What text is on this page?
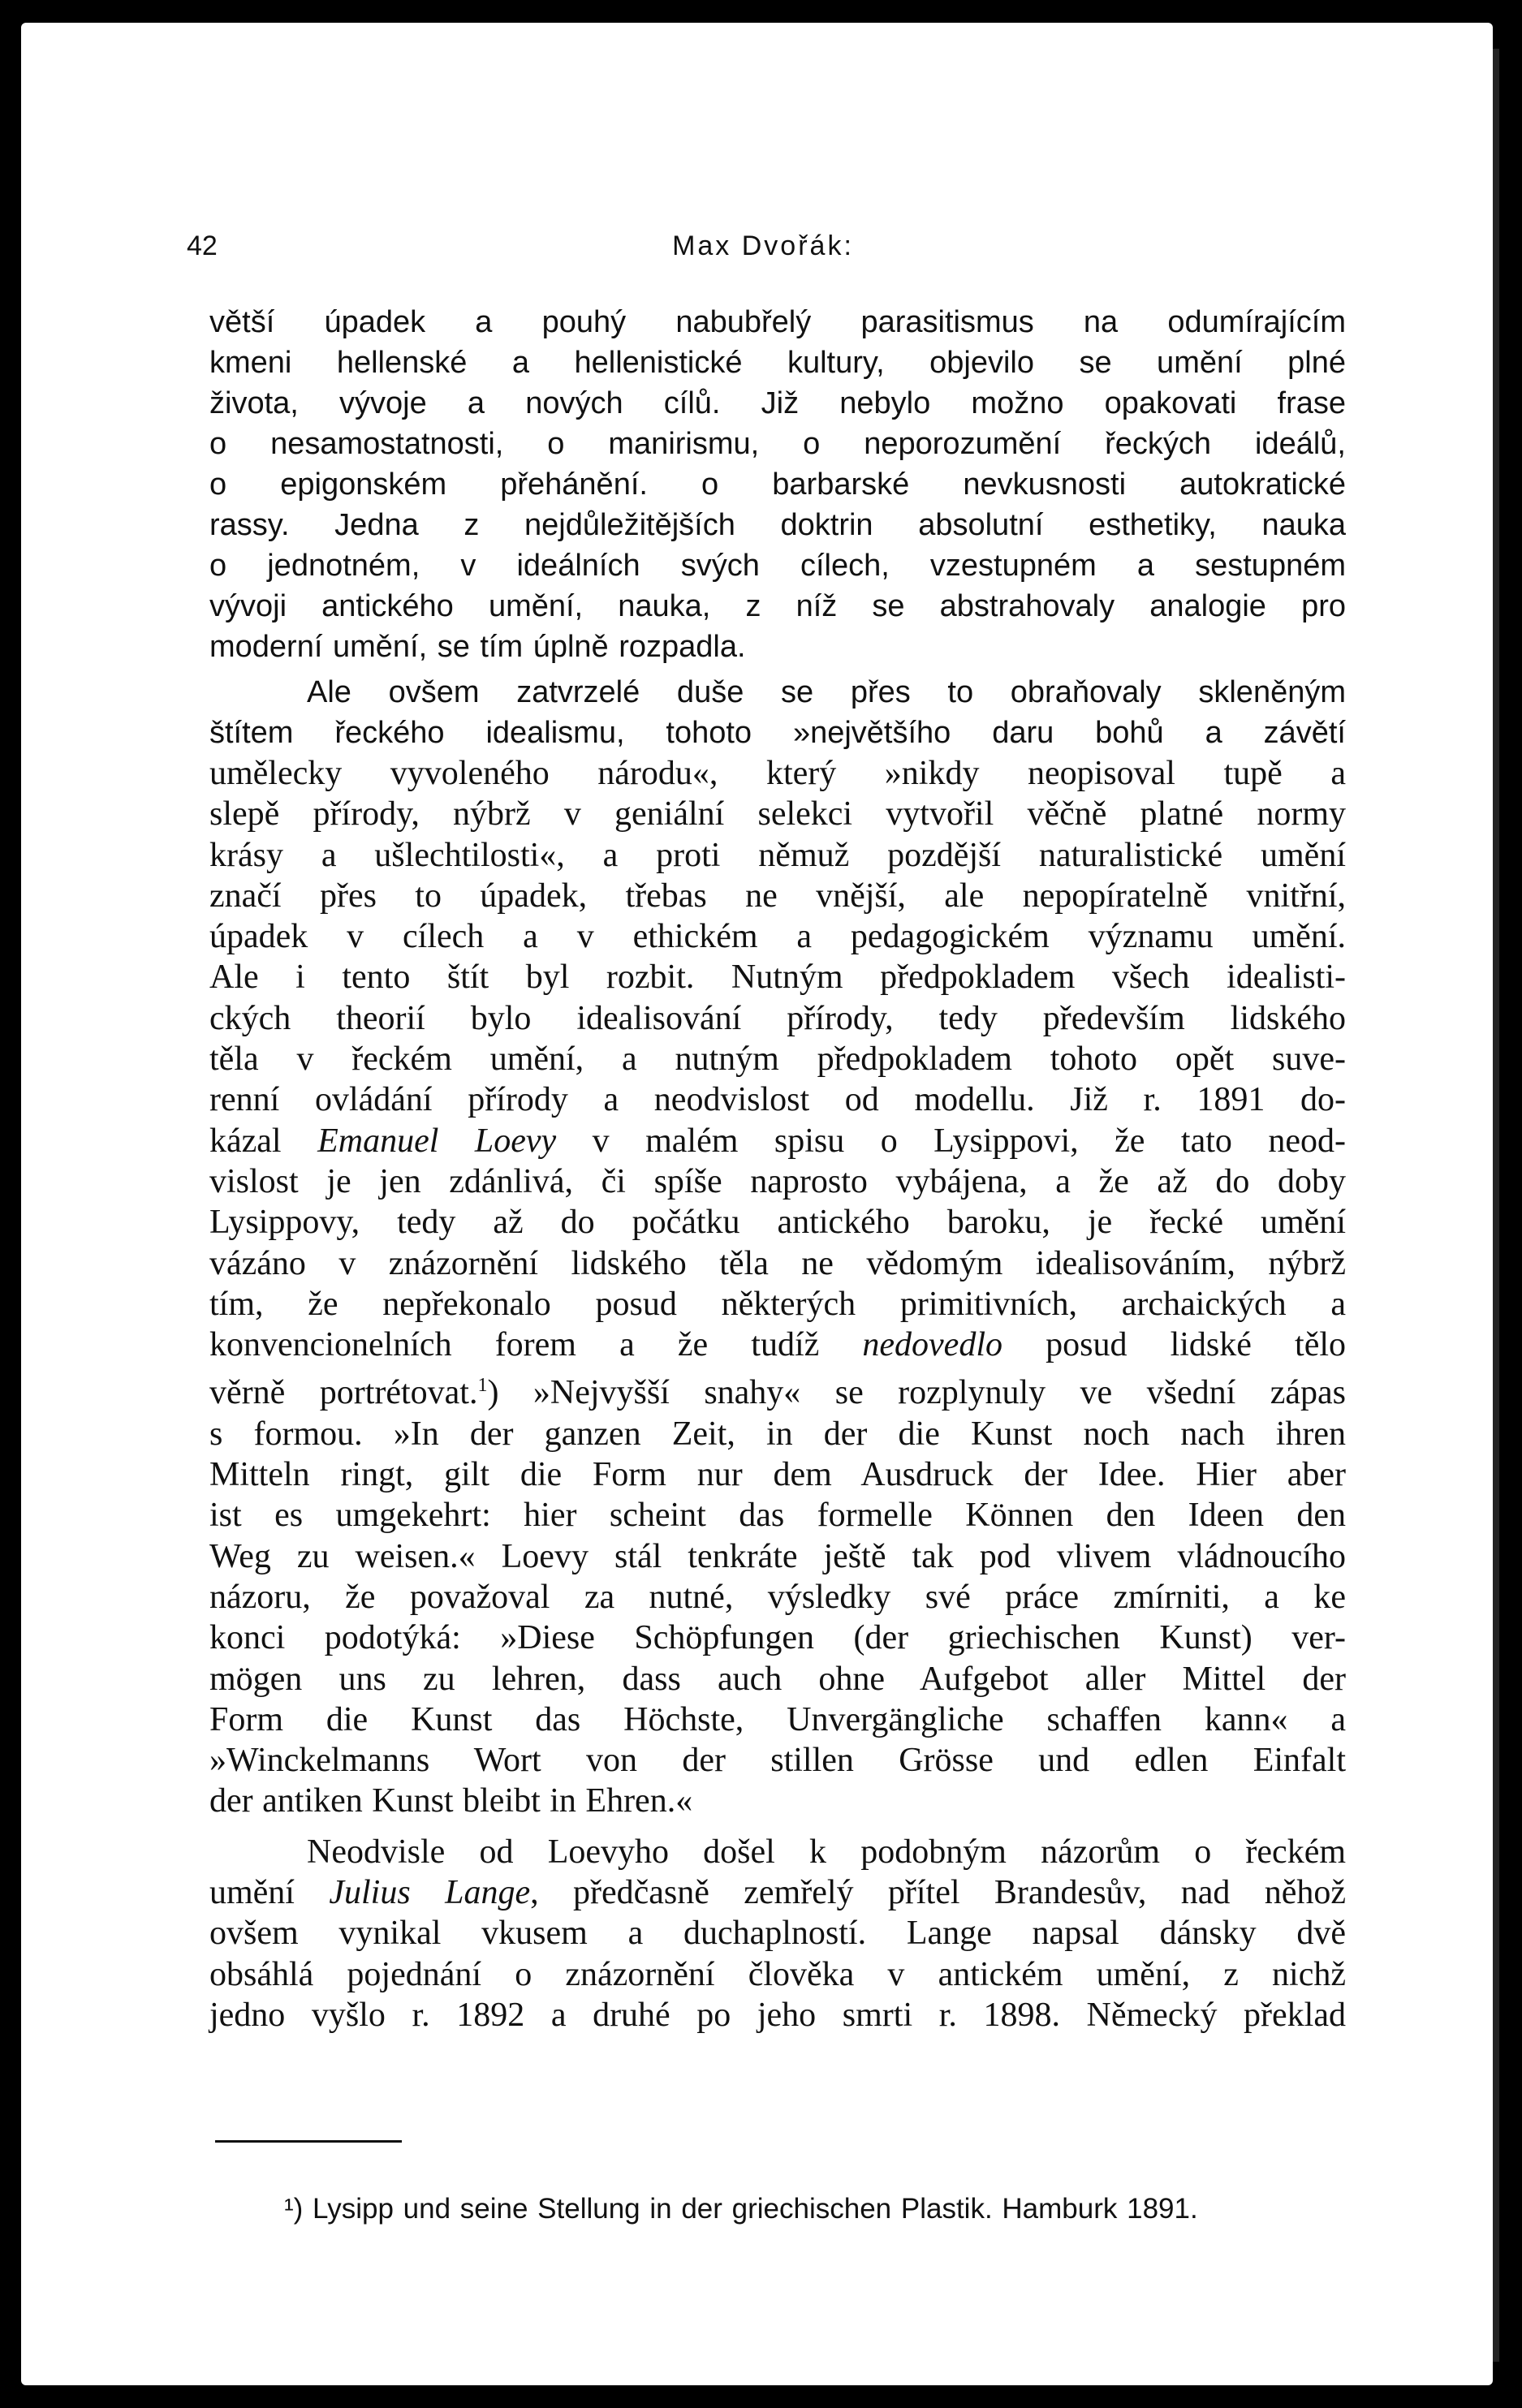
42	Max Dvořák:
větší úpadek a pouhý nabubřelý parasitismus na odumírajícím
kmeni hellenské a hellenistické kultury, objevilo se umění plné
života, vývoje a nových cílů. Již nebylo možno opakovati frase
o nesamostatnosti, o manirismu, o neporozumění řeckých ideálů,
o epigonském přehánění. o barbarské nevkusnosti autokratické
rassy. Jedna z nejdůležitějších doktrin absolutní esthetiky, nauka
o jednotném, v ideálních svých cílech, vzestupném a sestupném
vývoji antického umění, nauka, z níž se abstrahovaly analogie pro
moderní umění, se tím úplně rozpadla.
Ale ovšem zatvrzelé duše se přes to obraňovaly skleněným
štítem řeckého idealismu, tohoto »největšího daru bohů a závětí
umělecky vyvoleného národu«, který »nikdy neopisoval tupě a
slepě přírody, nýbrž v geniální selekci vytvořil věčně platné normy
krásy a ušlechtilosti«, a proti němuž pozdější naturalistické umění
značí přes to úpadek, třebas ne vnější, ale nepopíratelně vnitřní,
úpadek v cílech a v ethickém a pedagogickém významu umění.
Ale i tento štít byl rozbit. Nutným předpokladem všech idealisti-
ckých theorií bylo idealisování přírody, tedy především lidského
těla v řeckém umění, a nutným předpokladem tohoto opět suve-
renní ovládání přírody a neodvislost od modellu. Již r. 1891 do-
kázal Emanuel Loevy v malém spisu o Lysippovi, že tato neod-
vislost je jen zdánlivá, či spíše naprosto vybájena, a že až do doby
Lysippovy, tedy až do počátku antického baroku, je řecké umění
vázáno v znázornění lidského těla ne vědomým idealisováním, nýbrž
tím, že nepřekonalo posud některých primitivních, archaických a
konvencionelních forem a že tudíž nedovedlo posud lidské tělo
věrně portrétovat.$^1$) »Nejvyšší snahy« se rozplynuly ve všední zápas
s formou. »In der ganzen Zeit, in der die Kunst noch nach ihren
Mitteln ringt, gilt die Form nur dem Ausdruck der Idee. Hier aber
ist es umgekehrt: hier scheint das formelle Können den Ideen den
Weg zu weisen.« Loevy stál tenkráte ještě tak pod vlivem vládnoucího
názoru, že považoval za nutné, výsledky své práce zmírniti, a ke
konci podotýká: »Diese Schöpfungen (der griechischen Kunst) ver-
mögen uns zu lehren, dass auch ohne Aufgebot aller Mittel der
Form die Kunst das Höchste, Unvergängliche schaffen kann« a
»Winckelmanns Wort von der stillen Grösse und edlen Einfalt
der antiken Kunst bleibt in Ehren.«
Neodvisle od Loevyho došel k podobným názorům o řeckém
umění Julius Lange, předčasně zemřelý přítel Brandesův, nad něhož
ovšem vynikal vkusem a duchaplností. Lange napsal dánsky dvě
obsáhlá pojednání o znázornění člověka v antickém umění, z nichž
jedno vyšlo r. 1892 a druhé po jeho smrti r. 1898. Německý překlad
¹) Lysipp und seine Stellung in der griechischen Plastik. Hamburk 1891.
